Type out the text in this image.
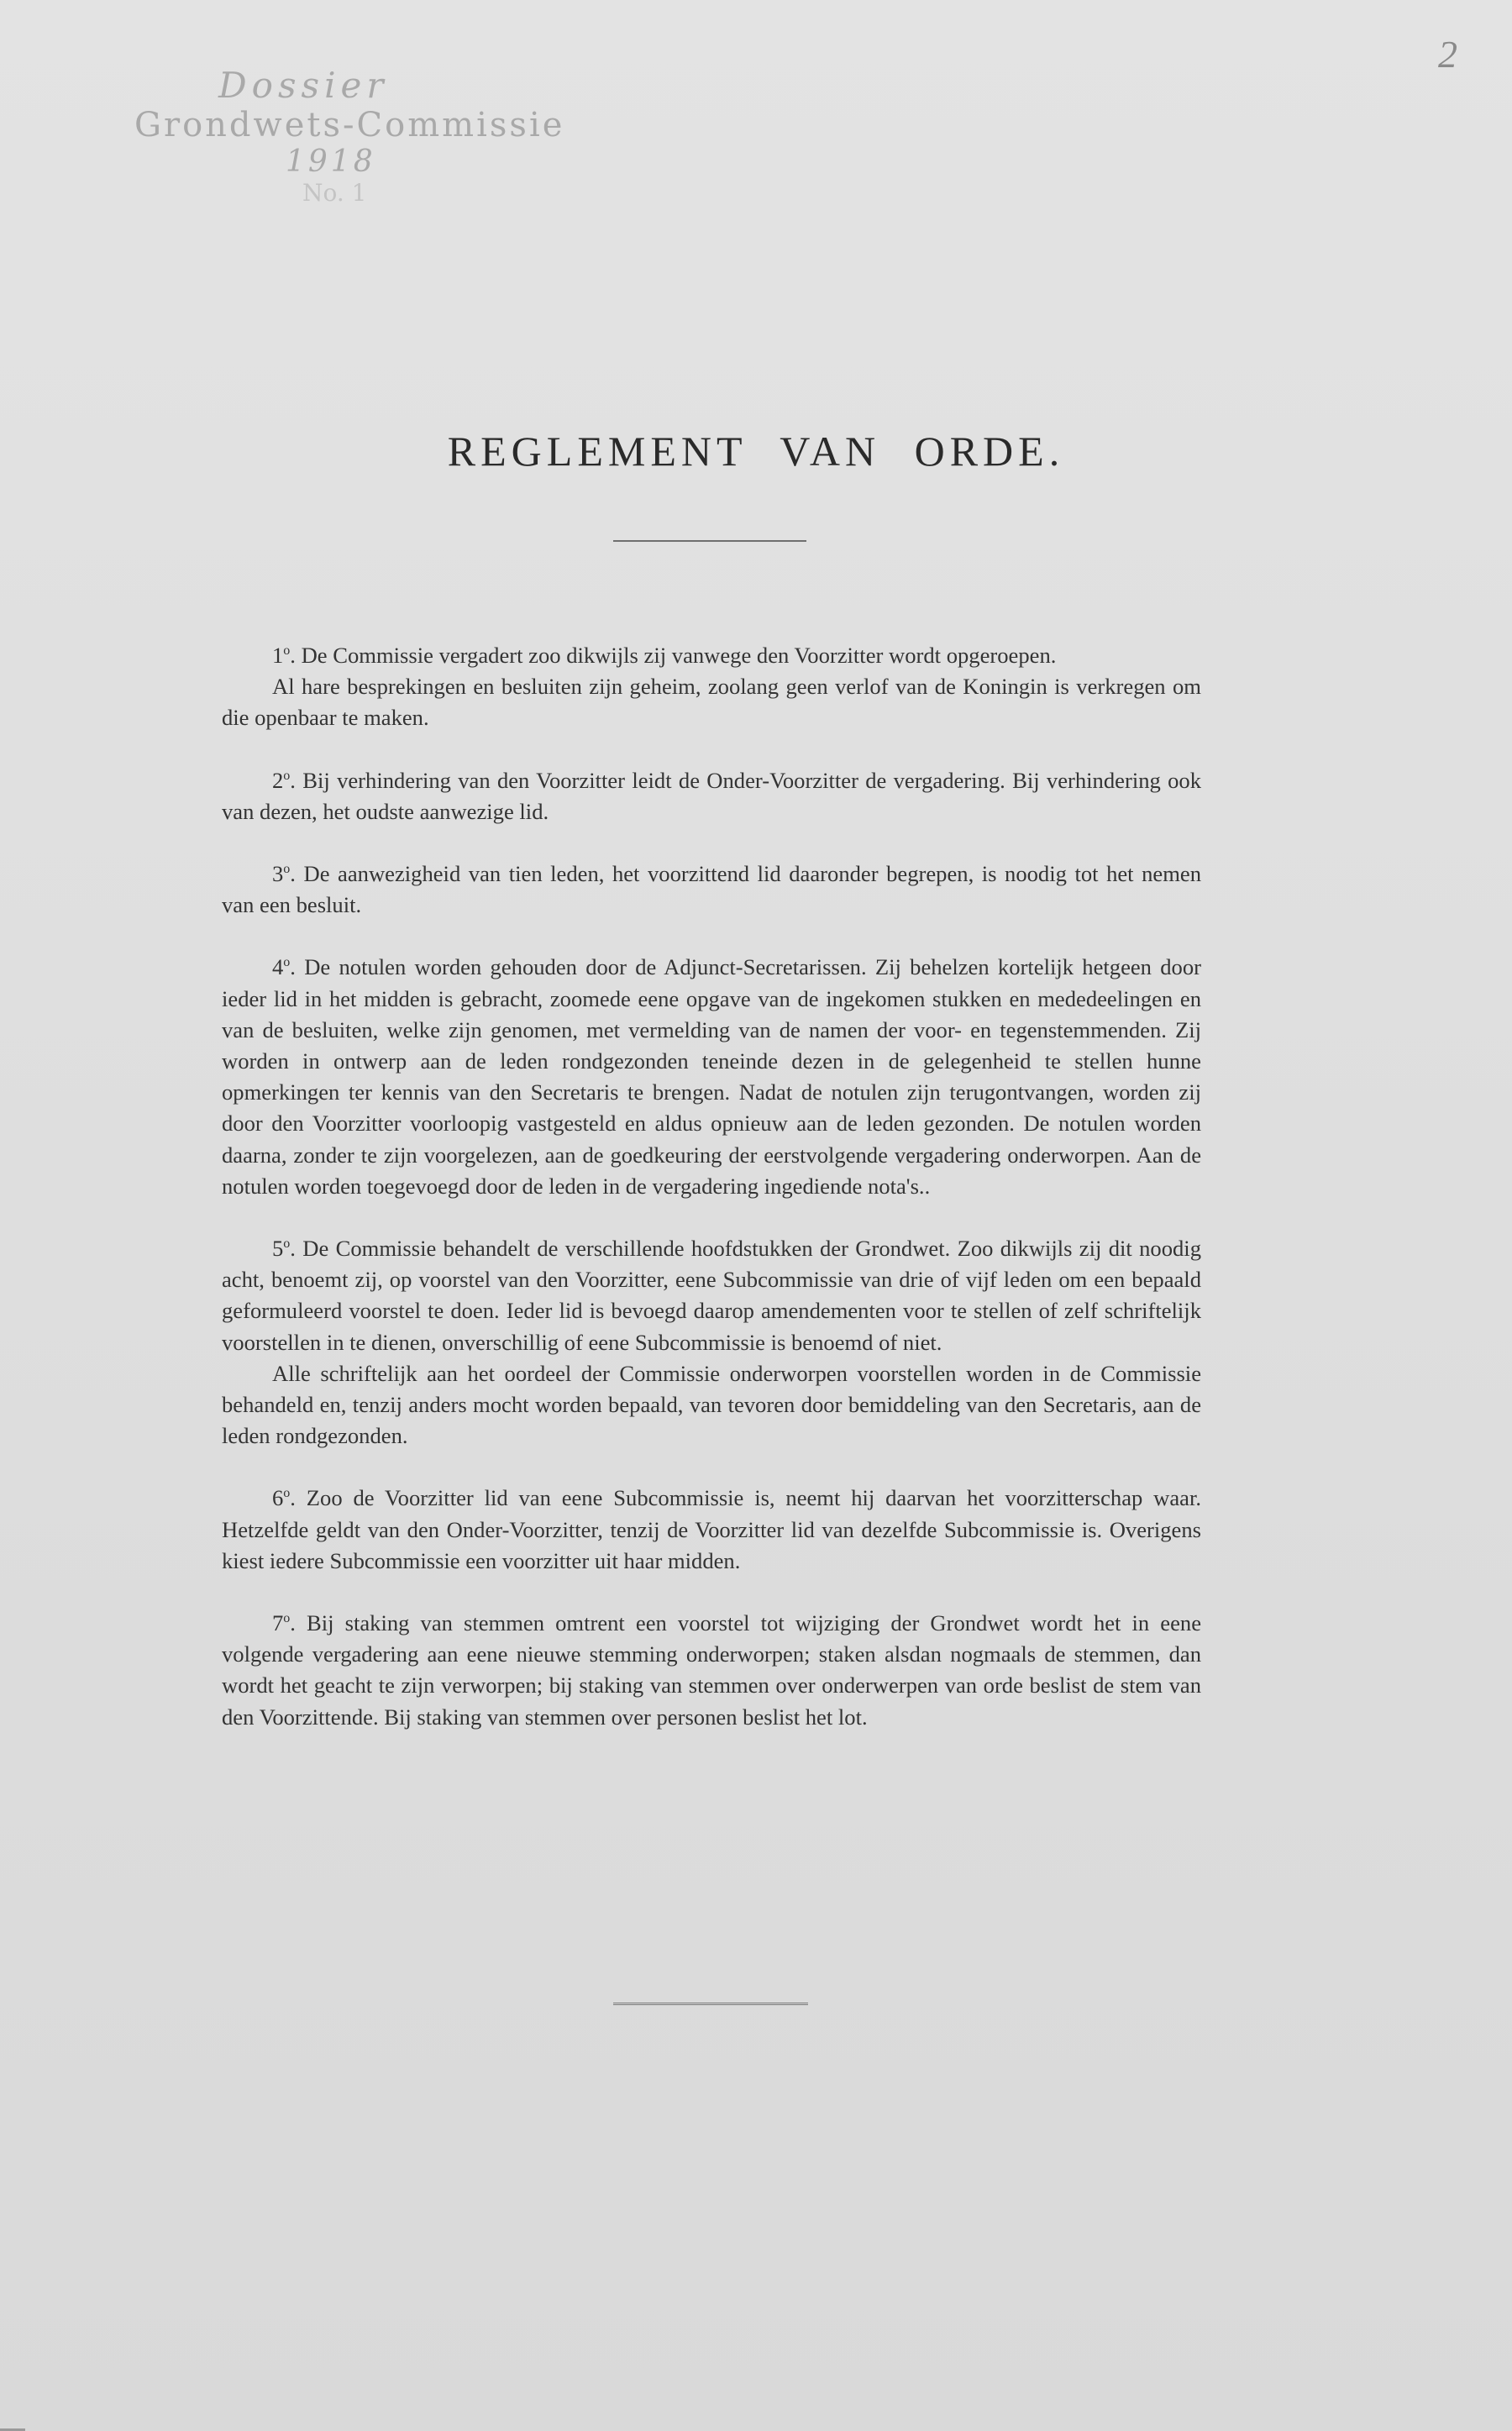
2
Dossier
Grondwets-Commissie
1918
No. 1
REGLEMENT VAN ORDE.

1$^o$. De Commissie vergadert zoo dikwijls zij vanwege den Voorzitter wordt opgeroepen.

Al hare besprekingen en besluiten zijn geheim, zoolang geen verlof van de Koningin is verkregen om die openbaar te maken.

2$^o$. Bij verhindering van den Voorzitter leidt de Onder-Voorzitter de vergadering. Bij verhindering ook van dezen, het oudste aanwezige lid.

3$^o$. De aanwezigheid van tien leden, het voorzittend lid daaronder begrepen, is noodig tot het nemen van een besluit.

4$^o$. De notulen worden gehouden door de Adjunct-Secretarissen. Zij behelzen kortelijk hetgeen door ieder lid in het midden is gebracht, zoomede eene opgave van de ingekomen stukken en mededeelingen en van de besluiten, welke zijn genomen, met vermelding van de namen der voor- en tegenstemmenden. Zij worden in ontwerp aan de leden rondgezonden teneinde dezen in de gelegenheid te stellen hunne opmerkingen ter kennis van den Secretaris te brengen. Nadat de notulen zijn terugontvangen, worden zij door den Voorzitter voorloopig vastgesteld en aldus opnieuw aan de leden gezonden. De notulen worden daarna, zonder te zijn voorgelezen, aan de goedkeuring der eerstvolgende vergadering onderworpen. Aan de notulen worden toegevoegd door de leden in de vergadering ingediende nota's..

5$^o$. De Commissie behandelt de verschillende hoofdstukken der Grondwet. Zoo dikwijls zij dit noodig acht, benoemt zij, op voorstel van den Voorzitter, eene Subcommissie van drie of vijf leden om een bepaald geformuleerd voorstel te doen. Ieder lid is bevoegd daarop amendementen voor te stellen of zelf schriftelijk voorstellen in te dienen, onverschillig of eene Subcommissie is benoemd of niet.

Alle schriftelijk aan het oordeel der Commissie onderworpen voorstellen worden in de Commissie behandeld en, tenzij anders mocht worden bepaald, van tevoren door bemiddeling van den Secretaris, aan de leden rondgezonden.

6$^o$. Zoo de Voorzitter lid van eene Subcommissie is, neemt hij daarvan het voorzitterschap waar. Hetzelfde geldt van den Onder-Voorzitter, tenzij de Voorzitter lid van dezelfde Subcommissie is. Overigens kiest iedere Subcommissie een voorzitter uit haar midden.

7$^o$. Bij staking van stemmen omtrent een voorstel tot wijziging der Grondwet wordt het in eene volgende vergadering aan eene nieuwe stemming onderworpen; staken alsdan nogmaals de stemmen, dan wordt het geacht te zijn verworpen; bij staking van stemmen over onderwerpen van orde beslist de stem van den Voorzittende. Bij staking van stemmen over personen beslist het lot.
